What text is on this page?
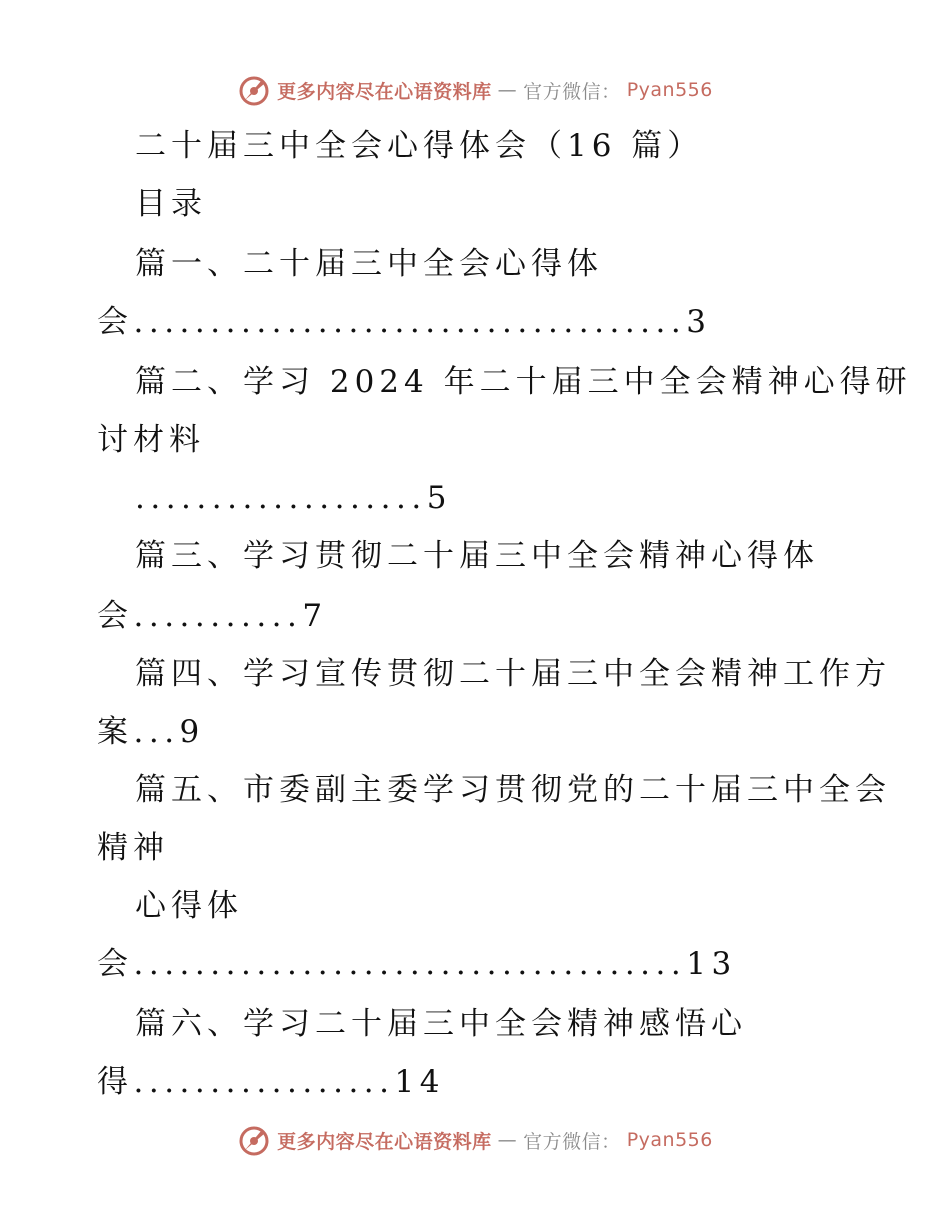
更多内容尽在心语资料库 — 官方微信： Pyan556
二十届三中全会心得体会（16 篇）
目录
篇一、二十届三中全会心得体
会....................................3
篇二、学习 2024 年二十届三中全会精神心得研
讨材料
...................5
篇三、学习贯彻二十届三中全会精神心得体
会...........7
篇四、学习宣传贯彻二十届三中全会精神工作方
案...9
篇五、市委副主委学习贯彻党的二十届三中全会
精神
心得体
会....................................13
篇六、学习二十届三中全会精神感悟心
得.................14
更多内容尽在心语资料库 — 官方微信： Pyan556
